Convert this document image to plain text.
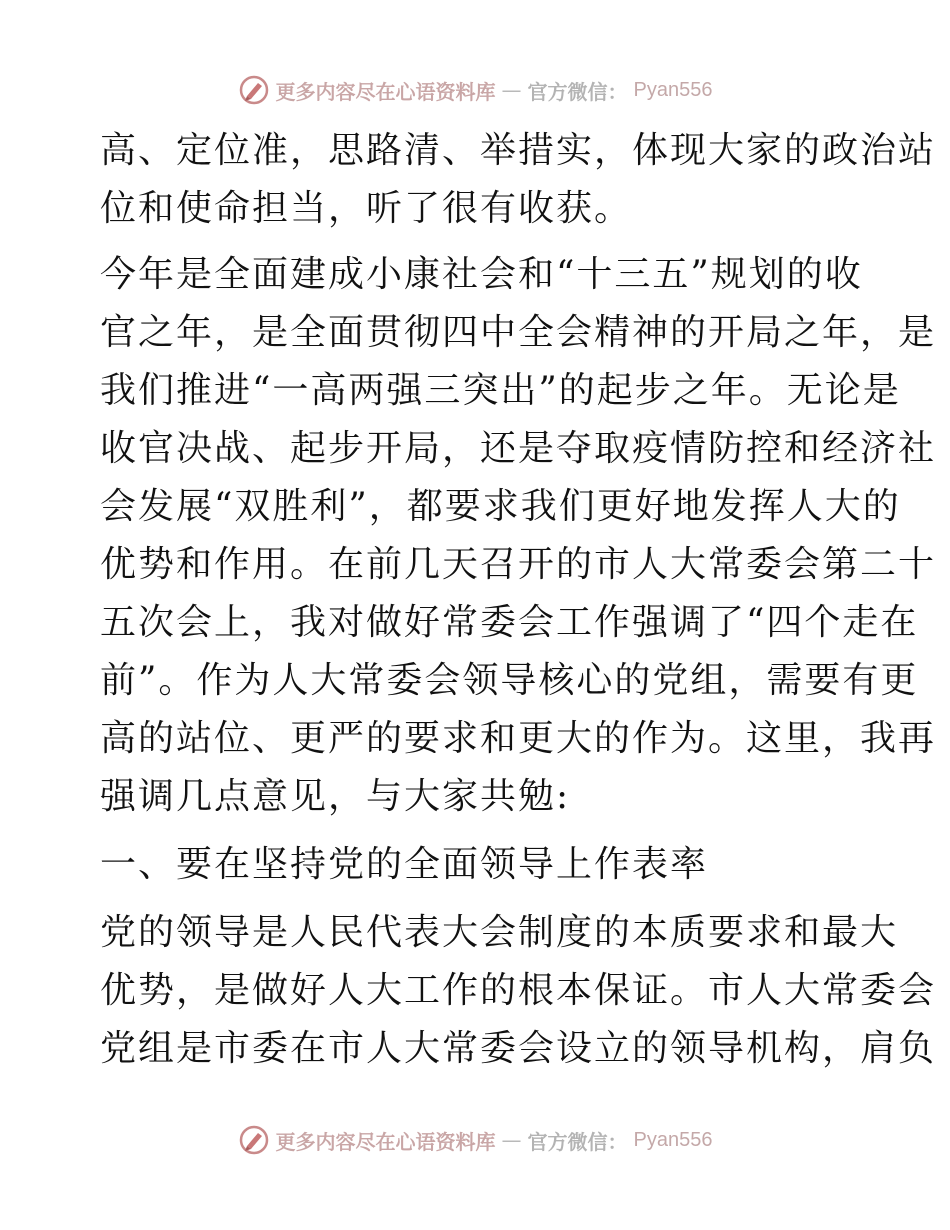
更多内容尽在心语资料库 — 官方微信： Pyan556
高、定位准，思路清、举措实，体现大家的政治站
位和使命担当，听了很有收获。
今年是全面建成小康社会和“十三五”规划的收
官之年，是全面贯彻四中全会精神的开局之年，是
我们推进“一高两强三突出”的起步之年。无论是
收官决战、起步开局，还是夺取疫情防控和经济社
会发展“双胜利”，都要求我们更好地发挥人大的
优势和作用。在前几天召开的市人大常委会第二十
五次会上，我对做好常委会工作强调了“四个走在
前”。作为人大常委会领导核心的党组，需要有更
高的站位、更严的要求和更大的作为。这里，我再
强调几点意见，与大家共勉:
一、要在坚持党的全面领导上作表率
党的领导是人民代表大会制度的本质要求和最大
优势，是做好人大工作的根本保证。市人大常委会
党组是市委在市人大常委会设立的领导机构，肩负
更多内容尽在心语资料库 — 官方微信： Pyan556
